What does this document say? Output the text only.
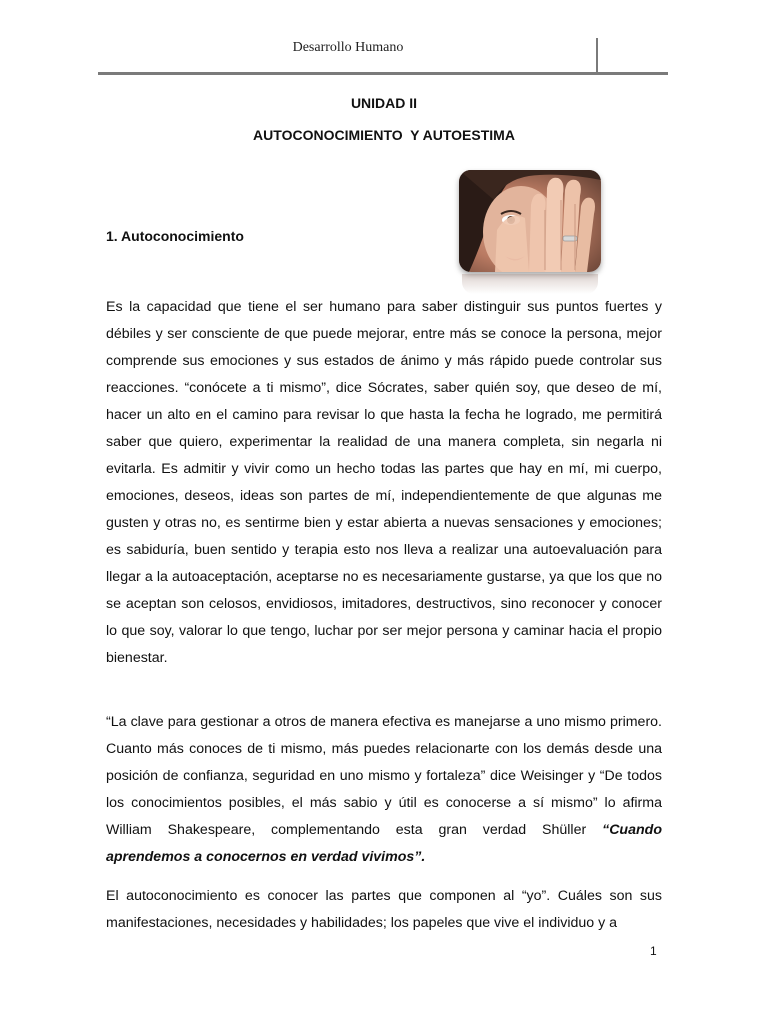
Desarrollo Humano
UNIDAD II
AUTOCONOCIMIENTO  Y AUTOESTIMA
1. Autoconocimiento

Es la capacidad que tiene el ser humano para saber distinguir sus puntos fuertes y débiles y ser consciente de que puede mejorar, entre más se conoce la persona, mejor comprende sus emociones y sus estados de ánimo y más rápido puede controlar sus reacciones. “conócete a ti mismo”, dice Sócrates, saber quién soy, que deseo de mí, hacer un alto en el camino para revisar lo que hasta la fecha he logrado, me permitirá saber que quiero, experimentar la realidad de una manera completa, sin negarla ni evitarla. Es admitir y vivir como un hecho todas las partes que hay en mí, mi cuerpo, emociones, deseos, ideas son partes de mí, independientemente de que algunas me gusten y otras no, es sentirme bien y estar abierta a nuevas sensaciones y emociones; es sabiduría, buen sentido y terapia esto nos lleva a realizar una autoevaluación para llegar a la autoaceptación, aceptarse no es necesariamente gustarse, ya que los que no se aceptan son celosos, envidiosos, imitadores, destructivos, sino reconocer y conocer lo que soy, valorar lo que tengo, luchar por ser mejor persona y caminar hacia el propio bienestar.

“La clave para gestionar a otros de manera efectiva es manejarse a uno mismo primero. Cuanto más conoces de ti mismo, más puedes relacionarte con los demás desde una posición de confianza, seguridad en uno mismo y fortaleza” dice Weisinger y “De todos los conocimientos posibles, el más sabio y útil es conocerse a sí mismo” lo afirma William Shakespeare, complementando esta gran verdad Shüller “Cuando aprendemos a conocernos en verdad vivimos”.

El autoconocimiento es conocer las partes que componen al “yo”. Cuáles son sus manifestaciones, necesidades y habilidades; los papeles que vive el individuo y a

1
